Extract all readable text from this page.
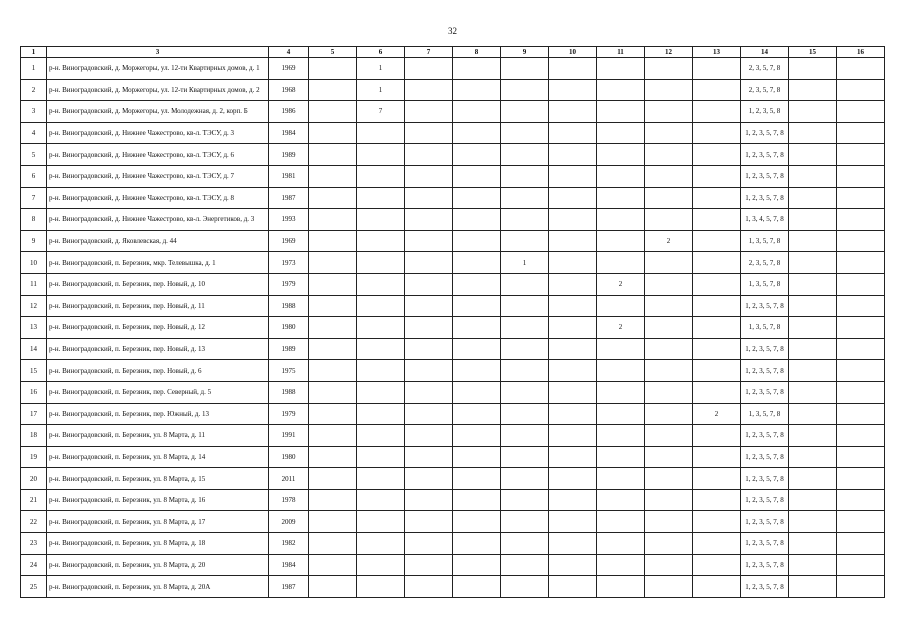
32
1	3	4	5	6	7	8	9	10	11	12	13	14	15	16
1	р-н. Виноградовский, д. Моржегоры, ул. 12-ти Квартирных домов, д. 1	1969		1								2, 3, 5, 7, 8		
2	р-н. Виноградовский, д. Моржегоры, ул. 12-ти Квартирных домов, д. 2	1968		1								2, 3, 5, 7, 8		
3	р-н. Виноградовский, д. Моржегоры, ул. Молодежная, д. 2, корп. Б	1986		7								1, 2, 3, 5, 8		
4	р-н. Виноградовский, д. Нижнее Чажестрово, кв-л. ТЭСУ, д. 3	1984										1, 2, 3, 5, 7, 8		
5	р-н. Виноградовский, д. Нижнее Чажестрово, кв-л. ТЭСУ, д. 6	1989										1, 2, 3, 5, 7, 8		
6	р-н. Виноградовский, д. Нижнее Чажестрово, кв-л. ТЭСУ, д. 7	1981										1, 2, 3, 5, 7, 8		
7	р-н. Виноградовский, д. Нижнее Чажестрово, кв-л. ТЭСУ, д. 8	1987										1, 2, 3, 5, 7, 8		
8	р-н. Виноградовский, д. Нижнее Чажестрово, кв-л. Энергетиков, д. 3	1993										1, 3, 4, 5, 7, 8		
9	р-н. Виноградовский, д. Яковлевская, д. 44	1969								2		1, 3, 5, 7, 8		
10	р-н. Виноградовский, п. Березник, мкр. Телевышка, д. 1	1973					1					2, 3, 5, 7, 8		
11	р-н. Виноградовский, п. Березник, пер. Новый, д. 10	1979							2			1, 3, 5, 7, 8		
12	р-н. Виноградовский, п. Березник, пер. Новый, д. 11	1988										1, 2, 3, 5, 7, 8		
13	р-н. Виноградовский, п. Березник, пер. Новый, д. 12	1980							2			1, 3, 5, 7, 8		
14	р-н. Виноградовский, п. Березник, пер. Новый, д. 13	1989										1, 2, 3, 5, 7, 8		
15	р-н. Виноградовский, п. Березник, пер. Новый, д. 6	1975										1, 2, 3, 5, 7, 8		
16	р-н. Виноградовский, п. Березник, пер. Северный, д. 5	1988										1, 2, 3, 5, 7, 8		
17	р-н. Виноградовский, п. Березник, пер. Южный, д. 13	1979									2	1, 3, 5, 7, 8		
18	р-н. Виноградовский, п. Березник, ул. 8 Марта, д. 11	1991										1, 2, 3, 5, 7, 8		
19	р-н. Виноградовский, п. Березник, ул. 8 Марта, д. 14	1980										1, 2, 3, 5, 7, 8		
20	р-н. Виноградовский, п. Березник, ул. 8 Марта, д. 15	2011										1, 2, 3, 5, 7, 8		
21	р-н. Виноградовский, п. Березник, ул. 8 Марта, д. 16	1978										1, 2, 3, 5, 7, 8		
22	р-н. Виноградовский, п. Березник, ул. 8 Марта, д. 17	2009										1, 2, 3, 5, 7, 8		
23	р-н. Виноградовский, п. Березник, ул. 8 Марта, д. 18	1982										1, 2, 3, 5, 7, 8		
24	р-н. Виноградовский, п. Березник, ул. 8 Марта, д. 20	1984										1, 2, 3, 5, 7, 8		
25	р-н. Виноградовский, п. Березник, ул. 8 Марта, д. 20А	1987										1, 2, 3, 5, 7, 8		
